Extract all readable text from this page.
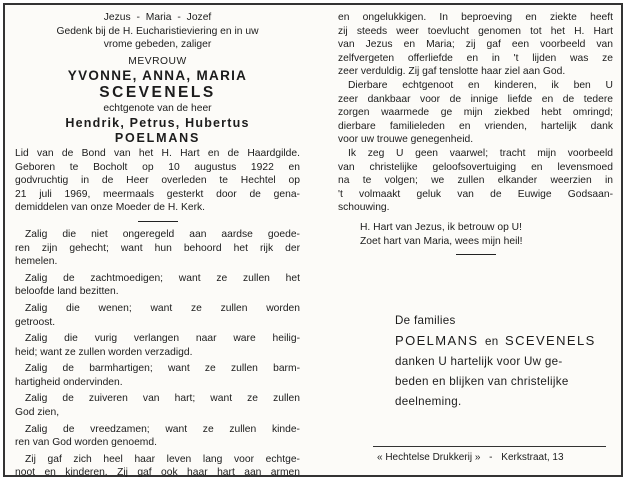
Jezus - Maria - Jozef
Gedenk bij de H. Eucharistieviering en in uw
vrome gebeden, zaliger
MEVROUW
YVONNE, ANNA, MARIA
SCEVENELS
echtgenote van de heer
Hendrik, Petrus, Hubertus
POELMANS
Lid van de Bond van het H. Hart en de Haardgilde.
Geboren te Bocholt op 10 augustus 1922 en
godvruchtig in de Heer overleden te Hechtel op
21 juli 1969, meermaals gesterkt door de gena-
demiddelen van onze Moeder de H. Kerk.

Zalig die niet ongeregeld aan aardse goede-
ren zijn gehecht; want hun behoord het rijk der
hemelen.

Zalig de zachtmoedigen; want ze zullen het
beloofde land bezitten.

Zalig die wenen; want ze zullen worden
getroost.

Zalig die vurig verlangen naar ware heilig-
heid; want ze zullen worden verzadigd.

Zalig de barmhartigen; want ze zullen barm-
hartigheid ondervinden.

Zalig de zuiveren van hart; want ze zullen
God zien,

Zalig de vreedzamen; want ze zullen kinde-
ren van God worden genoemd.

Zij gaf zich heel haar leven lang voor echtge-
noot en kinderen. Zij gaf ook haar hart aan armen

en ongelukkigen. In beproeving en ziekte heeft
zij steeds weer toevlucht genomen tot het H. Hart
van Jezus en Maria; zij gaf een voorbeeld van
zelfvergeten offerliefde en in 't lijden was ze
zeer verduldig. Zij gaf tenslotte haar ziel aan God.
Dierbare echtgenoot en kinderen, ik ben U
zeer dankbaar voor de innige liefde en de tedere
zorgen waarmede ge mijn ziekbed hebt omringd;
dierbare familieleden en vrienden, hartelijk dank
voor uw trouwe genegenheid.
Ik zeg U geen vaarwel; tracht mijn voorbeeld
van christelijke geloofsovertuiging en levensmoed
na te volgen; we zullen elkander weerzien in
't volmaakt geluk van de Euwige Godsaan-
schouwing.
H. Hart van Jezus, ik betrouw op U!
Zoet hart van Maria, wees mijn heil!
De families
POELMANS en SCEVENELS
danken U hartelijk voor Uw ge-
beden en blijken van christelijke
deelneming.
« Hechtelse Drukkerij » - Kerkstraat, 13
